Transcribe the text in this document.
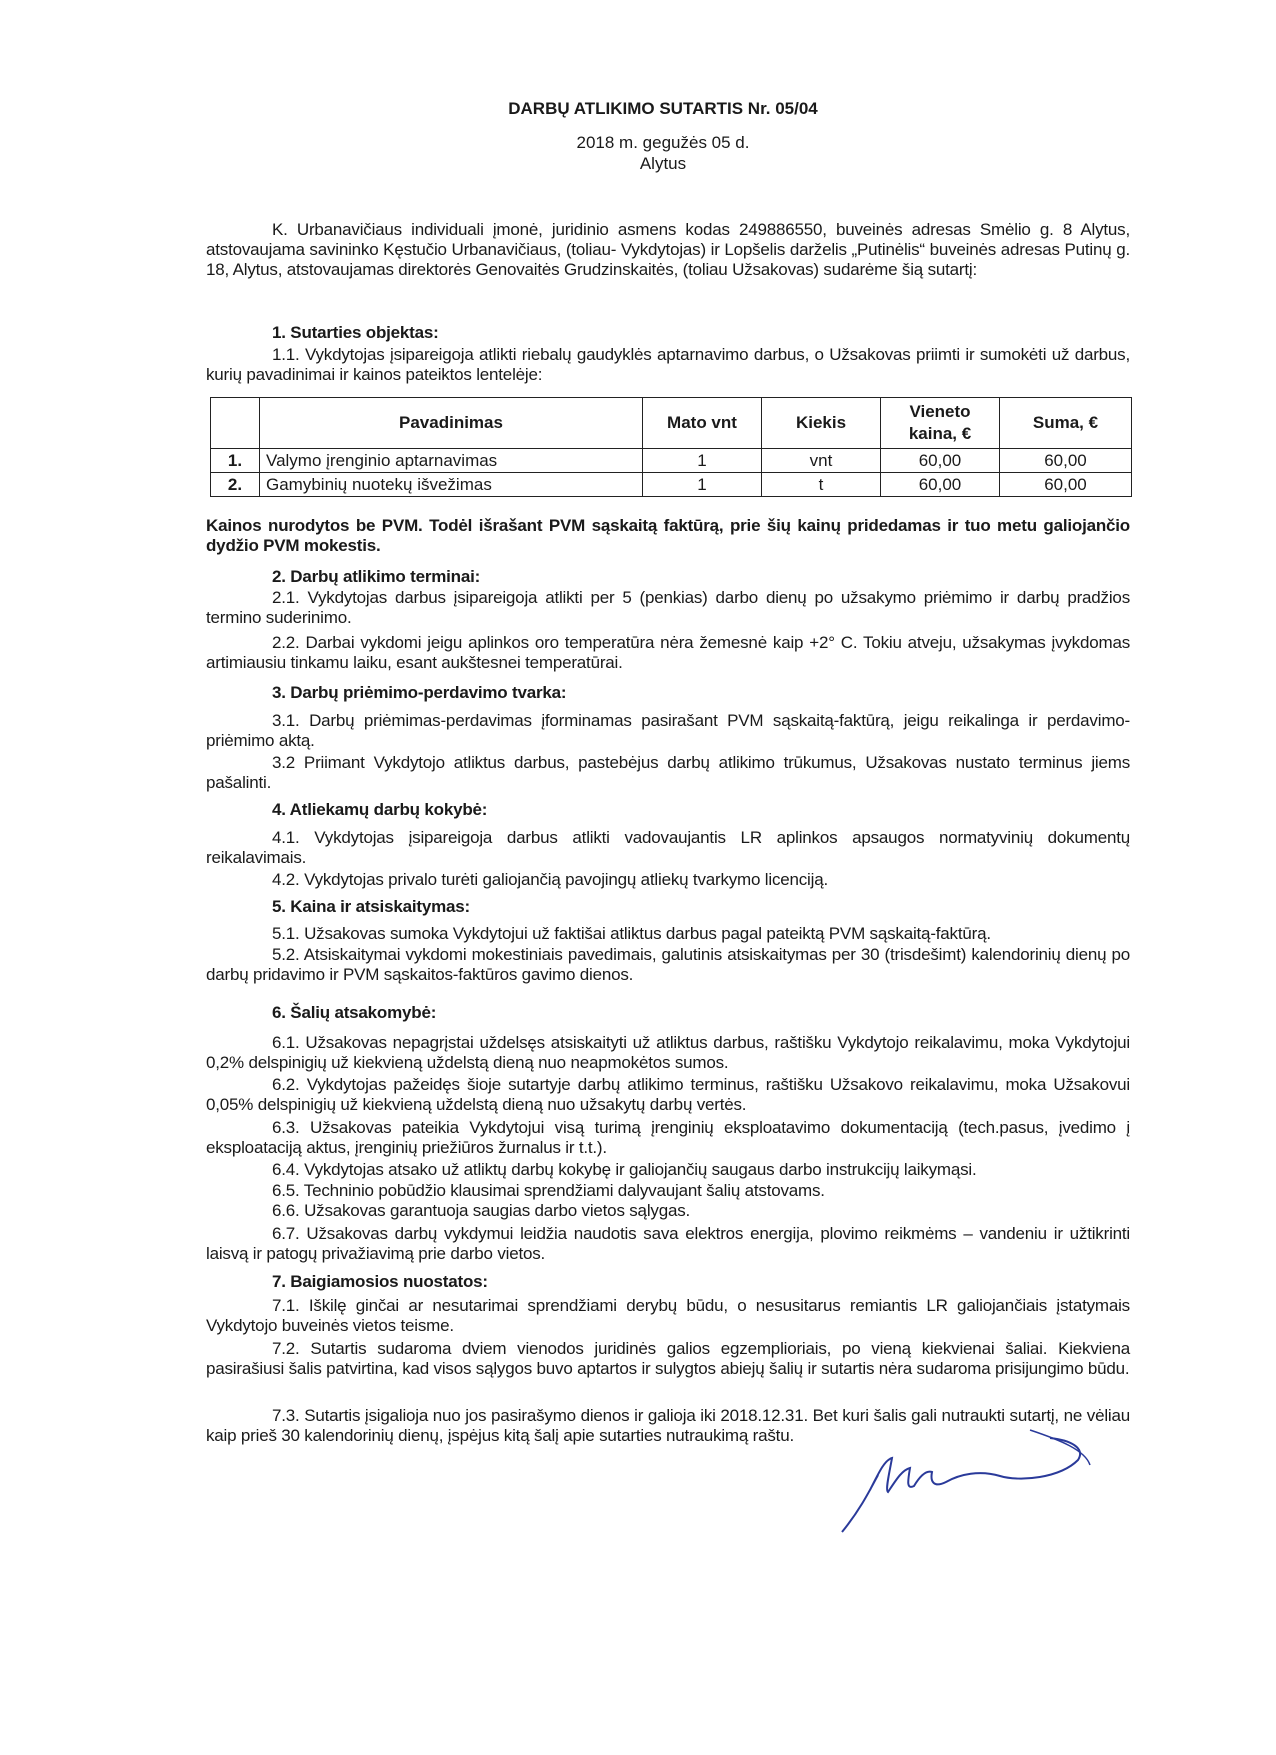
DARBŲ ATLIKIMO SUTARTIS Nr. 05/04
2018 m. gegužės 05 d.
Alytus
K. Urbanavičiaus individuali įmonė, juridinio asmens kodas 249886550, buveinės adresas Smėlio g. 8 Alytus, atstovaujama savininko Kęstučio Urbanavičiaus, (toliau- Vykdytojas) ir Lopšelis darželis „Putinėlis“ buveinės adresas Putinų g. 18, Alytus, atstovaujamas direktorės Genovaitės Grudzinskaitės, (toliau Užsakovas) sudarėme šią sutartį:
1. Sutarties objektas:
1.1. Vykdytojas įsipareigoja atlikti riebalų gaudyklės aptarnavimo darbus, o Užsakovas priimti ir sumokėti už darbus, kurių pavadinimai ir kainos pateiktos lentelėje:
	Pavadinimas	Mato vnt	Kiekis	Vieneto kaina, €	Suma, €
1.	Valymo įrenginio aptarnavimas	1	vnt	60,00	60,00
2.	Gamybinių nuotekų išvežimas	1	t	60,00	60,00
Kainos nurodytos be PVM. Todėl išrašant PVM sąskaitą faktūrą, prie šių kainų pridedamas ir tuo metu galiojančio dydžio PVM mokestis.
2. Darbų atlikimo terminai:
2.1. Vykdytojas darbus įsipareigoja atlikti per 5 (penkias) darbo dienų po užsakymo priėmimo ir darbų pradžios termino suderinimo.
2.2. Darbai vykdomi jeigu aplinkos oro temperatūra nėra žemesnė kaip +2° C. Tokiu atveju, užsakymas įvykdomas artimiausiu tinkamu laiku, esant aukštesnei temperatūrai.
3. Darbų priėmimo-perdavimo tvarka:
3.1. Darbų priėmimas-perdavimas įforminamas pasirašant PVM sąskaitą-faktūrą, jeigu reikalinga ir perdavimo-priėmimo aktą.
3.2 Priimant Vykdytojo atliktus darbus, pastebėjus darbų atlikimo trūkumus, Užsakovas nustato terminus jiems pašalinti.
4. Atliekamų darbų kokybė:
4.1. Vykdytojas įsipareigoja darbus atlikti vadovaujantis LR aplinkos apsaugos normatyvinių dokumentų reikalavimais.
4.2. Vykdytojas privalo turėti galiojančią pavojingų atliekų tvarkymo licenciją.
5. Kaina ir atsiskaitymas:
5.1. Užsakovas sumoka Vykdytojui už faktišai atliktus darbus pagal pateiktą PVM sąskaitą-faktūrą.
5.2. Atsiskaitymai vykdomi mokestiniais pavedimais, galutinis atsiskaitymas per 30 (trisdešimt) kalendorinių dienų po darbų pridavimo ir PVM sąskaitos-faktūros gavimo dienos.
6. Šalių atsakomybė:
6.1. Užsakovas nepagrįstai uždelsęs atsiskaityti už atliktus darbus, raštišku Vykdytojo reikalavimu, moka Vykdytojui 0,2% delspinigių už kiekvieną uždelstą dieną nuo neapmokėtos sumos.
6.2. Vykdytojas pažeidęs šioje sutartyje darbų atlikimo terminus, raštišku Užsakovo reikalavimu, moka Užsakovui 0,05% delspinigių už kiekvieną uždelstą dieną nuo užsakytų darbų vertės.
6.3. Užsakovas pateikia Vykdytojui visą turimą įrenginių eksploatavimo dokumentaciją (tech.pasus, įvedimo į eksploataciją aktus, įrenginių priežiūros žurnalus ir t.t.).
6.4. Vykdytojas atsako už atliktų darbų kokybę ir galiojančių saugaus darbo instrukcijų laikymąsi.
6.5. Techninio pobūdžio klausimai sprendžiami dalyvaujant šalių atstovams.
6.6. Užsakovas garantuoja saugias darbo vietos sąlygas.
6.7. Užsakovas darbų vykdymui leidžia naudotis sava elektros energija, plovimo reikmėms – vandeniu ir užtikrinti laisvą ir patogų privažiavimą prie darbo vietos.
7. Baigiamosios nuostatos:
7.1. Iškilę ginčai ar nesutarimai sprendžiami derybų būdu, o nesusitarus remiantis LR galiojančiais įstatymais Vykdytojo buveinės vietos teisme.
7.2. Sutartis sudaroma dviem vienodos juridinės galios egzemplioriais, po vieną kiekvienai šaliai. Kiekviena pasirašiusi šalis patvirtina, kad visos sąlygos buvo aptartos ir sulygtos abiejų šalių ir sutartis nėra sudaroma prisijungimo būdu.
7.3. Sutartis įsigalioja nuo jos pasirašymo dienos ir galioja iki 2018.12.31. Bet kuri šalis gali nutraukti sutartį, ne vėliau kaip prieš 30 kalendorinių dienų, įspėjus kitą šalį apie sutarties nutraukimą raštu.
